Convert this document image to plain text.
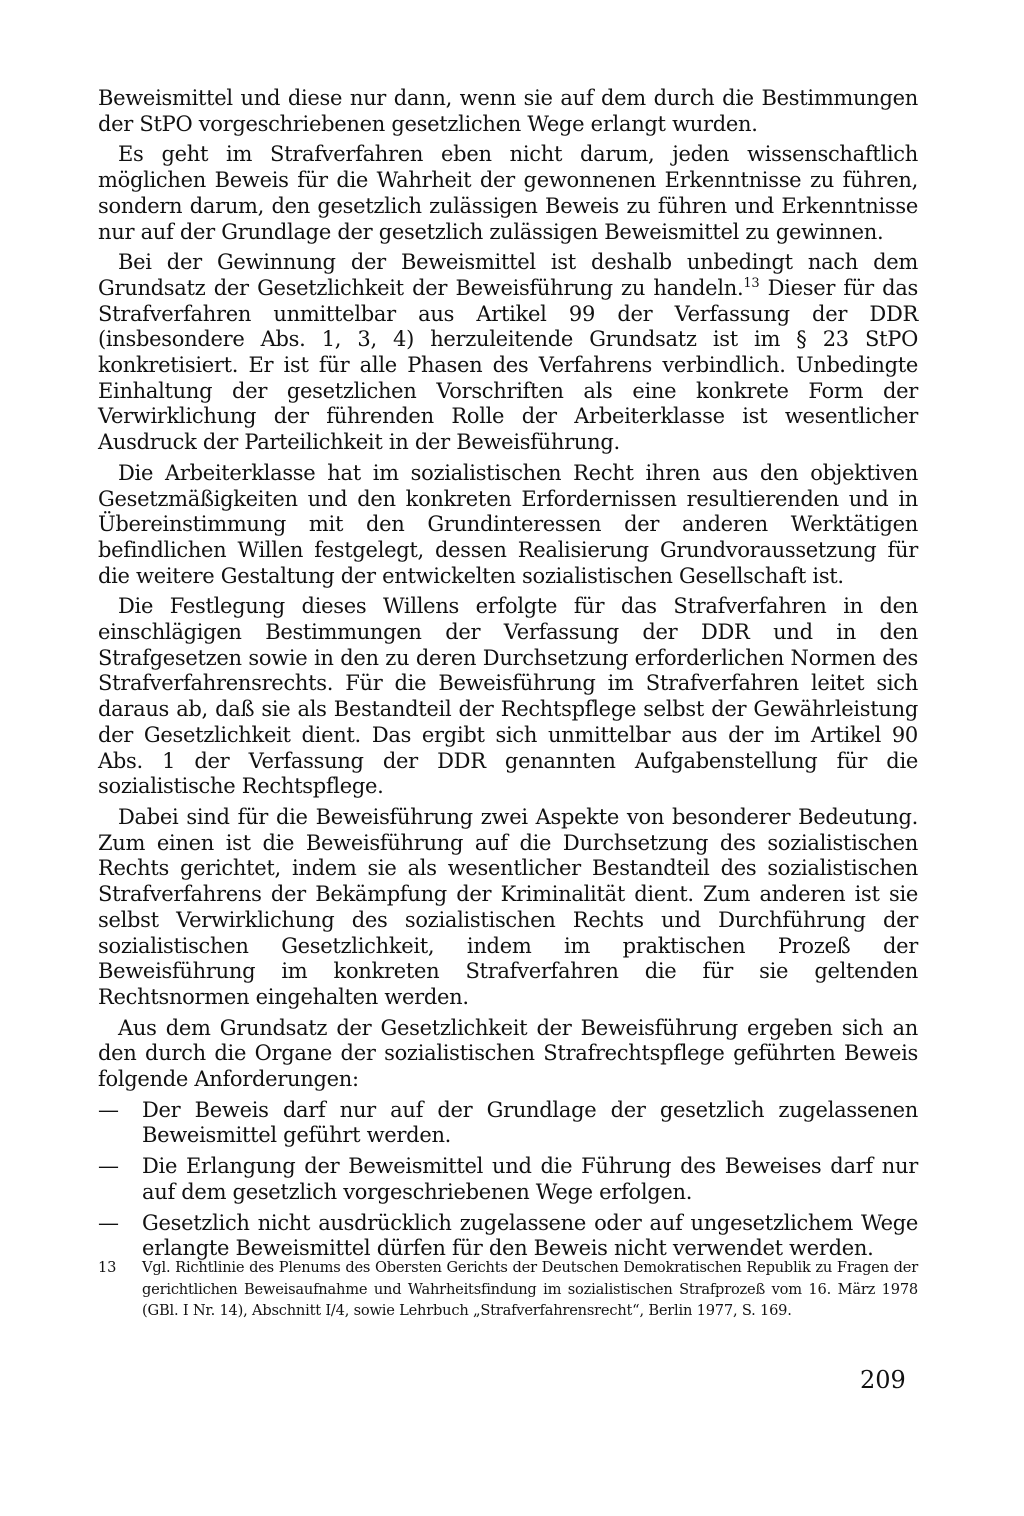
Beweismittel und diese nur dann, wenn sie auf dem durch die Bestimmungen der StPO vorgeschriebenen gesetzlichen Wege erlangt wurden.

Es geht im Strafverfahren eben nicht darum, jeden wissenschaftlich möglichen Beweis für die Wahrheit der gewonnenen Erkenntnisse zu führen, sondern darum, den gesetzlich zulässigen Beweis zu führen und Erkenntnisse nur auf der Grundlage der gesetzlich zulässigen Beweismittel zu gewinnen.

Bei der Gewinnung der Beweismittel ist deshalb unbedingt nach dem Grundsatz der Gesetzlichkeit der Beweisführung zu handeln.$^{13}$ Dieser für das Strafverfahren unmittelbar aus Artikel 99 der Verfassung der DDR (insbesondere Abs. 1, 3, 4) herzuleitende Grundsatz ist im § 23 StPO konkretisiert. Er ist für alle Phasen des Verfahrens verbindlich. Unbedingte Einhaltung der gesetzlichen Vorschriften als eine konkrete Form der Verwirklichung der führenden Rolle der Arbeiterklasse ist wesentlicher Ausdruck der Parteilichkeit in der Beweisführung.

Die Arbeiterklasse hat im sozialistischen Recht ihren aus den objektiven Gesetzmäßigkeiten und den konkreten Erfordernissen resultierenden und in Übereinstimmung mit den Grundinteressen der anderen Werktätigen befindlichen Willen festgelegt, dessen Realisierung Grundvoraussetzung für die weitere Gestaltung der entwickelten sozialistischen Gesellschaft ist.

Die Festlegung dieses Willens erfolgte für das Strafverfahren in den einschlägigen Bestimmungen der Verfassung der DDR und in den Strafgesetzen sowie in den zu deren Durchsetzung erforderlichen Normen des Strafverfahrensrechts. Für die Beweisführung im Strafverfahren leitet sich daraus ab, daß sie als Bestandteil der Rechtspflege selbst der Gewährleistung der Gesetzlichkeit dient. Das ergibt sich unmittelbar aus der im Artikel 90 Abs. 1 der Verfassung der DDR genannten Aufgabenstellung für die sozialistische Rechtspflege.

Dabei sind für die Beweisführung zwei Aspekte von besonderer Bedeutung. Zum einen ist die Beweisführung auf die Durchsetzung des sozialistischen Rechts gerichtet, indem sie als wesentlicher Bestandteil des sozialistischen Strafverfahrens der Bekämpfung der Kriminalität dient. Zum anderen ist sie selbst Verwirklichung des sozialistischen Rechts und Durchführung der sozialistischen Gesetzlichkeit, indem im praktischen Prozeß der Beweisführung im konkreten Strafverfahren die für sie geltenden Rechtsnormen eingehalten werden.

Aus dem Grundsatz der Gesetzlichkeit der Beweisführung ergeben sich an den durch die Organe der sozialistischen Strafrechtspflege geführten Beweis folgende Anforderungen:

— Der Beweis darf nur auf der Grundlage der gesetzlich zugelassenen Beweismittel geführt werden.
— Die Erlangung der Beweismittel und die Führung des Beweises darf nur auf dem gesetzlich vorgeschriebenen Wege erfolgen.
— Gesetzlich nicht ausdrücklich zugelassene oder auf ungesetzlichem Wege erlangte Beweismittel dürfen für den Beweis nicht verwendet werden.
13 Vgl. Richtlinie des Plenums des Obersten Gerichts der Deutschen Demokratischen Republik zu Fragen der gerichtlichen Beweisaufnahme und Wahrheitsfindung im sozialistischen Strafprozeß vom 16. März 1978 (GBl. I Nr. 14), Abschnitt I/4, sowie Lehrbuch „Strafverfahrensrecht“, Berlin 1977, S. 169.
209
